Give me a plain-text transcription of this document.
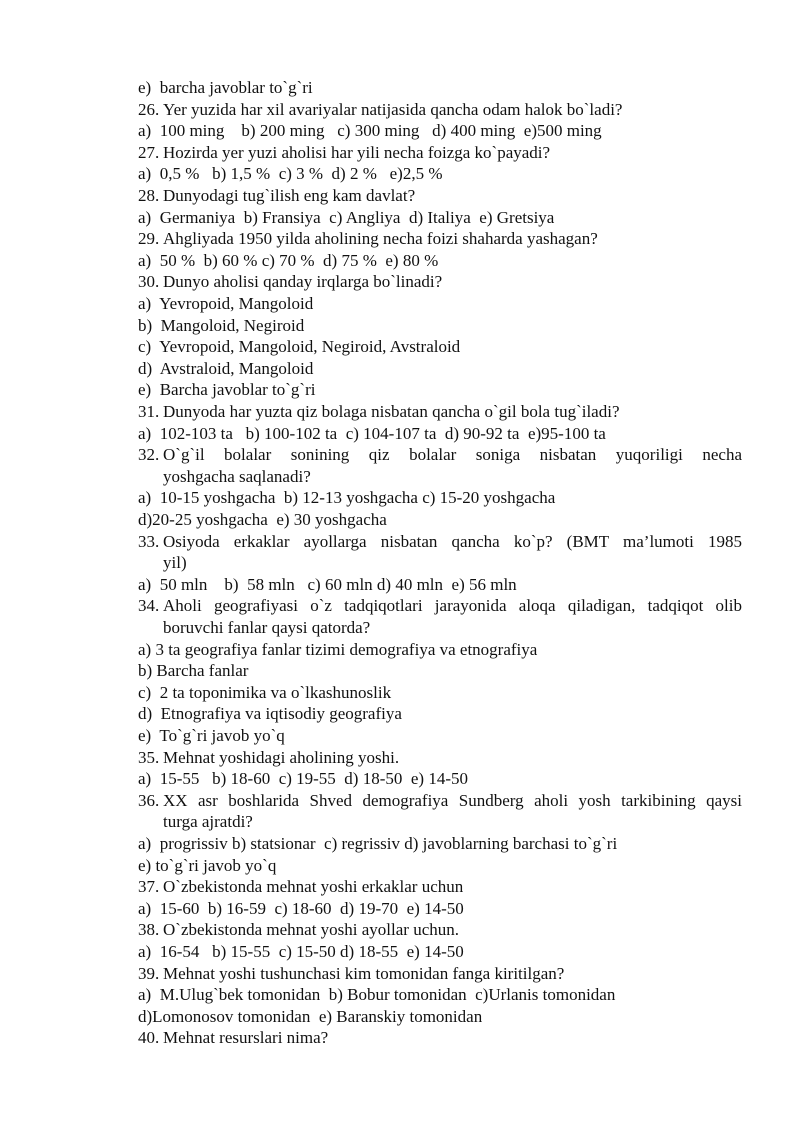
e)  barcha javoblar to`g`ri
26. Yer yuzida har xil avariyalar natijasida qancha odam halok bo`ladi?
a)  100 ming    b) 200 ming   c) 300 ming   d) 400 ming  e)500 ming
27. Hozirda yer yuzi aholisi har yili necha foizga ko`payadi?
a)  0,5 %   b) 1,5 %  c) 3 %  d) 2 %   e)2,5 %
28. Dunyodagi tug`ilish eng kam davlat?
a)  Germaniya  b) Fransiya  c) Angliya  d) Italiya  e) Gretsiya
29. Ahgliyada 1950 yilda aholining necha foizi shaharda yashagan?
a)  50 %  b) 60 % c) 70 %  d) 75 %  e) 80 %
30. Dunyo aholisi qanday irqlarga bo`linadi?
a)  Yevropoid, Mangoloid
b)  Mangoloid, Negiroid
c)  Yevropoid, Mangoloid, Negiroid, Avstraloid
d)  Avstraloid, Mangoloid
e)  Barcha javoblar to`g`ri
31. Dunyoda har yuzta qiz bolaga nisbatan qancha o`gil bola tug`iladi?
a)  102-103 ta   b) 100-102 ta  c) 104-107 ta  d) 90-92 ta  e)95-100 ta
32. O`g`il bolalar sonining qiz bolalar soniga nisbatan yuqoriligi necha
yoshgacha saqlanadi?
a)  10-15 yoshgacha  b) 12-13 yoshgacha c) 15-20 yoshgacha
d)20-25 yoshgacha  e) 30 yoshgacha
33. Osiyoda erkaklar ayollarga nisbatan qancha ko`p? (BMT ma’lumoti 1985
yil)
a)  50 mln    b)  58 mln   c) 60 mln d) 40 mln  e) 56 mln
34. Aholi geografiyasi o`z tadqiqotlari jarayonida aloqa qiladigan, tadqiqot olib
boruvchi fanlar qaysi qatorda?
a) 3 ta geografiya fanlar tizimi demografiya va etnografiya
b) Barcha fanlar
c)  2 ta toponimika va o`lkashunoslik
d)  Etnografiya va iqtisodiy geografiya
e)  To`g`ri javob yo`q
35. Mehnat yoshidagi aholining yoshi.
a)  15-55   b) 18-60  c) 19-55  d) 18-50  e) 14-50
36. XX asr boshlarida Shved demografiya Sundberg aholi yosh tarkibining qaysi
turga ajratdi?
a)  progrissiv b) statsionar  c) regrissiv d) javoblarning barchasi to`g`ri
e) to`g`ri javob yo`q
37. O`zbekistonda mehnat yoshi erkaklar uchun
a)  15-60  b) 16-59  c) 18-60  d) 19-70  e) 14-50
38. O`zbekistonda mehnat yoshi ayollar uchun.
a)  16-54   b) 15-55  c) 15-50 d) 18-55  e) 14-50
39. Mehnat yoshi tushunchasi kim tomonidan fanga kiritilgan?
a)  M.Ulug`bek tomonidan  b) Bobur tomonidan  c)Urlanis tomonidan
d)Lomonosov tomonidan  e) Baranskiy tomonidan
40. Mehnat resurslari nima?
